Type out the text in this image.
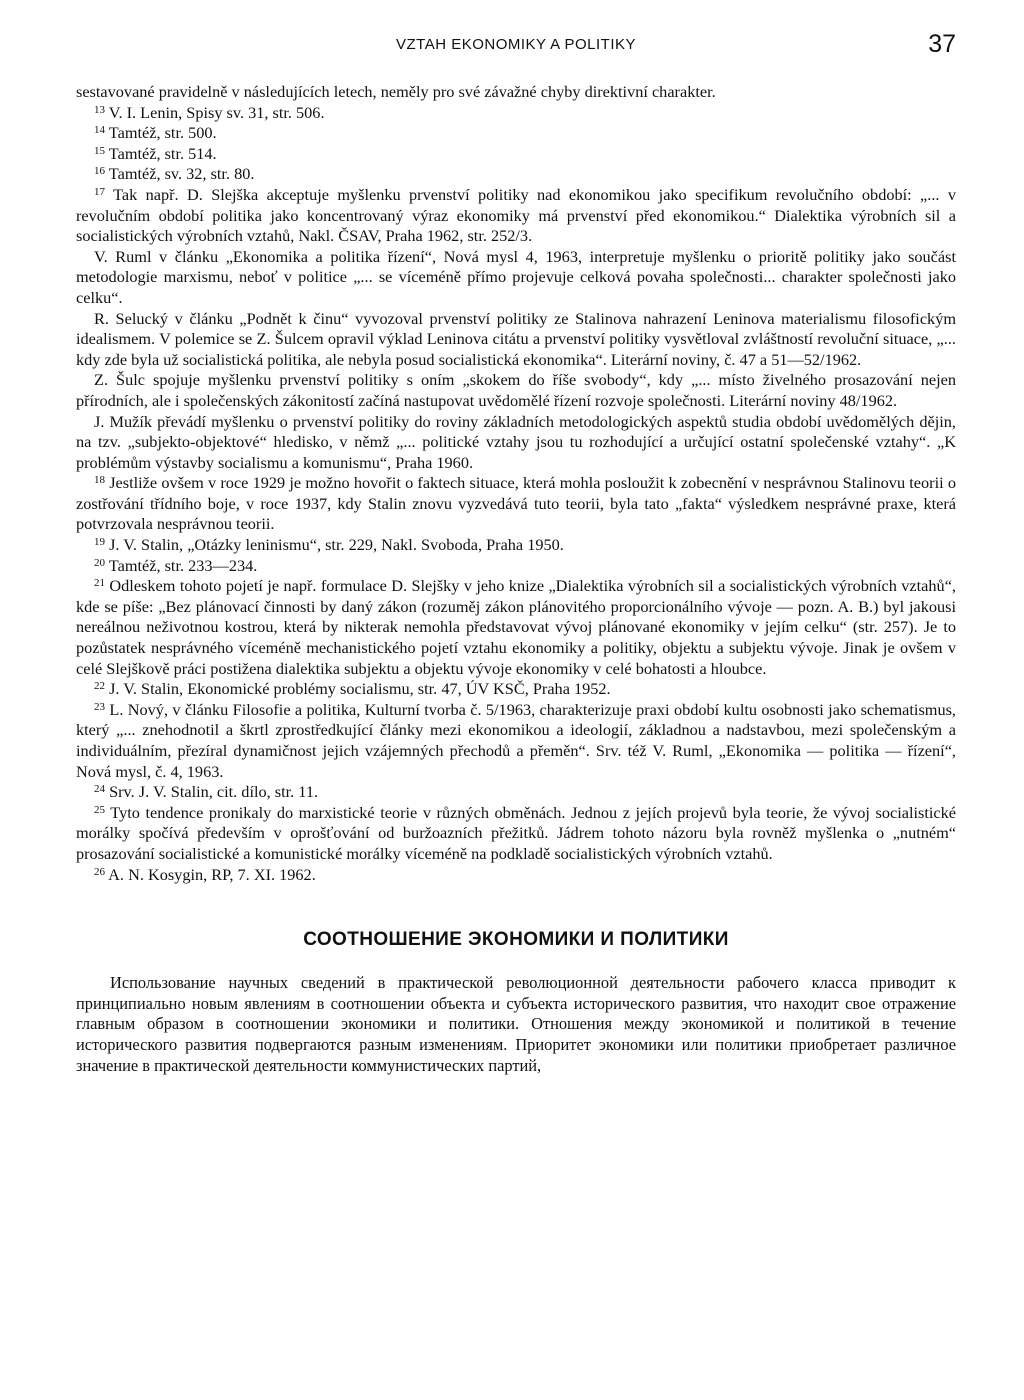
VZTAH EKONOMIKY A POLITIKY	37

sestavované pravidelně v následujících letech, neměly pro své závažné chyby direktivní charakter.

$^{13}$ V. I. Lenin, Spisy sv. 31, str. 506.

$^{14}$ Tamtéž, str. 500.

$^{15}$ Tamtéž, str. 514.

$^{16}$ Tamtéž, sv. 32, str. 80.

$^{17}$ Tak např. D. Slejška akceptuje myšlenku prvenství politiky nad ekonomikou jako specifikum revolučního období: „... v revolučním období politika jako koncentrovaný výraz ekonomiky má prvenství před ekonomikou.“ Dialektika výrobních sil a socialistických výrobních vztahů, Nakl. ČSAV, Praha 1962, str. 252/3.

V. Ruml v článku „Ekonomika a politika řízení“, Nová mysl 4, 1963, interpretuje myšlenku o prioritě politiky jako součást metodologie marxismu, neboť v politice „... se víceméně přímo projevuje celková povaha společnosti... charakter společnosti jako celku“.

R. Selucký v článku „Podnět k činu“ vyvozoval prvenství politiky ze Stalinova nahrazení Leninova materialismu filosofickým idealismem. V polemice se Z. Šulcem opravil výklad Leninova citátu a prvenství politiky vysvětloval zvláštností revoluční situace, „... kdy zde byla už socialistická politika, ale nebyla posud socialistická ekonomika“. Literární noviny, č. 47 a 51—52/1962.

Z. Šulc spojuje myšlenku prvenství politiky s oním „skokem do říše svobody“, kdy „... místo živelného prosazování nejen přírodních, ale i společenských zákonitostí začíná nastupovat uvědomělé řízení rozvoje společnosti. Literární noviny 48/1962.

J. Mužík převádí myšlenku o prvenství politiky do roviny základních metodologických aspektů studia období uvědomělých dějin, na tzv. „subjekto-objektové“ hledisko, v němž „... politické vztahy jsou tu rozhodující a určující ostatní společenské vztahy“. „K problémům výstavby socialismu a komunismu“, Praha 1960.

$^{18}$ Jestliže ovšem v roce 1929 je možno hovořit o faktech situace, která mohla posloužit k zobecnění v nesprávnou Stalinovu teorii o zostřování třídního boje, v roce 1937, kdy Stalin znovu vyzvedává tuto teorii, byla tato „fakta“ výsledkem nesprávné praxe, která potvrzovala nesprávnou teorii.

$^{19}$ J. V. Stalin, „Otázky leninismu“, str. 229, Nakl. Svoboda, Praha 1950.

$^{20}$ Tamtéž, str. 233—234.

$^{21}$ Odleskem tohoto pojetí je např. formulace D. Slejšky v jeho knize „Dialektika výrobních sil a socialistických výrobních vztahů“, kde se píše: „Bez plánovací činnosti by daný zákon (rozuměj zákon plánovitého proporcionálního vývoje — pozn. A. B.) byl jakousi nereálnou neživotnou kostrou, která by nikterak nemohla představovat vývoj plánované ekonomiky v jejím celku“ (str. 257). Je to pozůstatek nesprávného víceméně mechanistického pojetí vztahu ekonomiky a politiky, objektu a subjektu vývoje. Jinak je ovšem v celé Slejškově práci postižena dialektika subjektu a objektu vývoje ekonomiky v celé bohatosti a hloubce.

$^{22}$ J. V. Stalin, Ekonomické problémy socialismu, str. 47, ÚV KSČ, Praha 1952.

$^{23}$ L. Nový, v článku Filosofie a politika, Kulturní tvorba č. 5/1963, charakterizuje praxi období kultu osobnosti jako schematismus, který „... znehodnotil a škrtl zprostředkující články mezi ekonomikou a ideologií, základnou a nadstavbou, mezi společenským a individuálním, přezíral dynamičnost jejich vzájemných přechodů a přeměn“. Srv. též V. Ruml, „Ekonomika — politika — řízení“, Nová mysl, č. 4, 1963.

$^{24}$ Srv. J. V. Stalin, cit. dílo, str. 11.

$^{25}$ Tyto tendence pronikaly do marxistické teorie v různých obměnách. Jednou z jejích projevů byla teorie, že vývoj socialistické morálky spočívá především v oprošťování od buržoazních přežitků. Jádrem tohoto názoru byla rovněž myšlenka o „nutném“ prosazování socialistické a komunistické morálky víceméně na podkladě socialistických výrobních vztahů.

$^{26}$ A. N. Kosygin, RP, 7. XI. 1962.

СООТНОШЕНИЕ ЭКОНОМИКИ И ПОЛИТИКИ
Использование научных сведений в практической революционной деятельности рабочего класса приводит к принципиально новым явлениям в соотношении объекта и субъекта исторического развития, что находит свое отражение главным образом в соотношении экономики и политики. Отношения между экономикой и политикой в течение исторического развития подвергаются разным изменениям. Приоритет экономики или политики приобретает различное значение в практической деятельности коммунистических партий,
